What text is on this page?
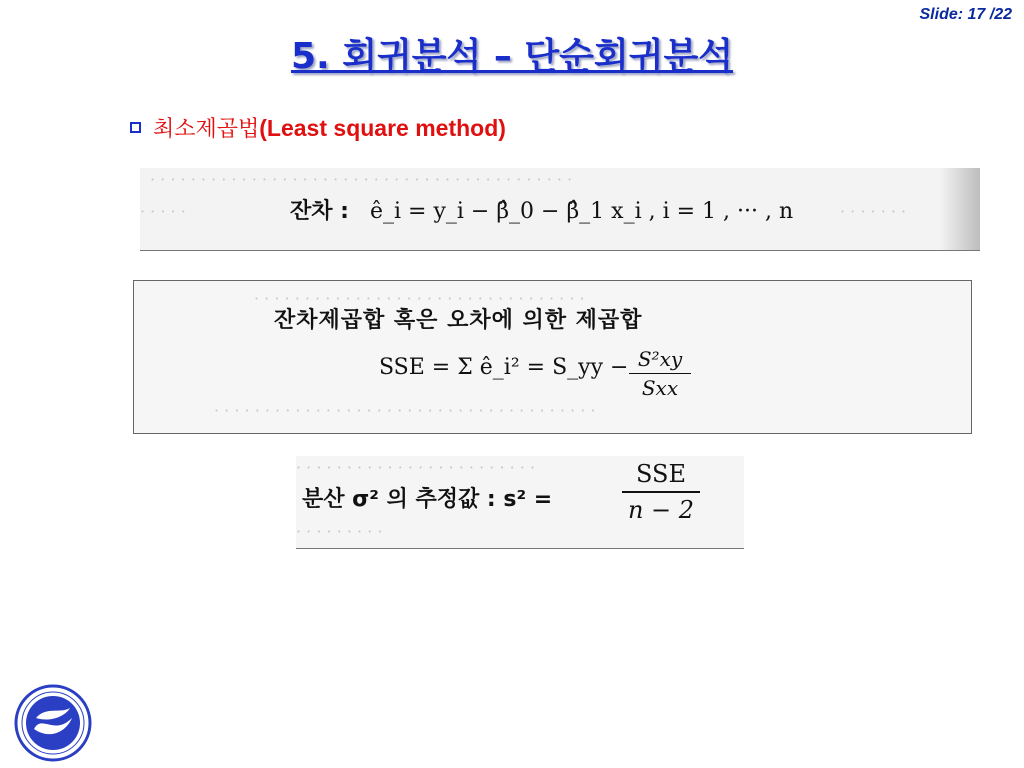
Slide: 17 /22
5. 회귀분석 – 단순회귀분석
최소제곱법(Least square method)
· · · · · · · · · · · · · · · · · · · · · · · · · · · · · · · · · · · · · · · · · ·
· · · · ·	· · · · · · ·
잔차 : ê_i = y_i − β̂_0 − β̂_1 x_i , i = 1 , ··· , n
· · · · · · · · · · · · · · · · · · · · · · · · · · · · · · · · ·
· · · · · · · · · · · · · · · · · · · · · · · · · · · · · · · · · · · · · ·
잔차제곱합 혹은 오차에 의한 제곱합
SSE = Σ ê_i² = S_yy − S²xy
Sxx
· · · · · · · · · · · · · · · · · · · · · · · ·
· · · · · · · · ·
분산 σ² 의 추정값 : s² =
SSE
n − 2
